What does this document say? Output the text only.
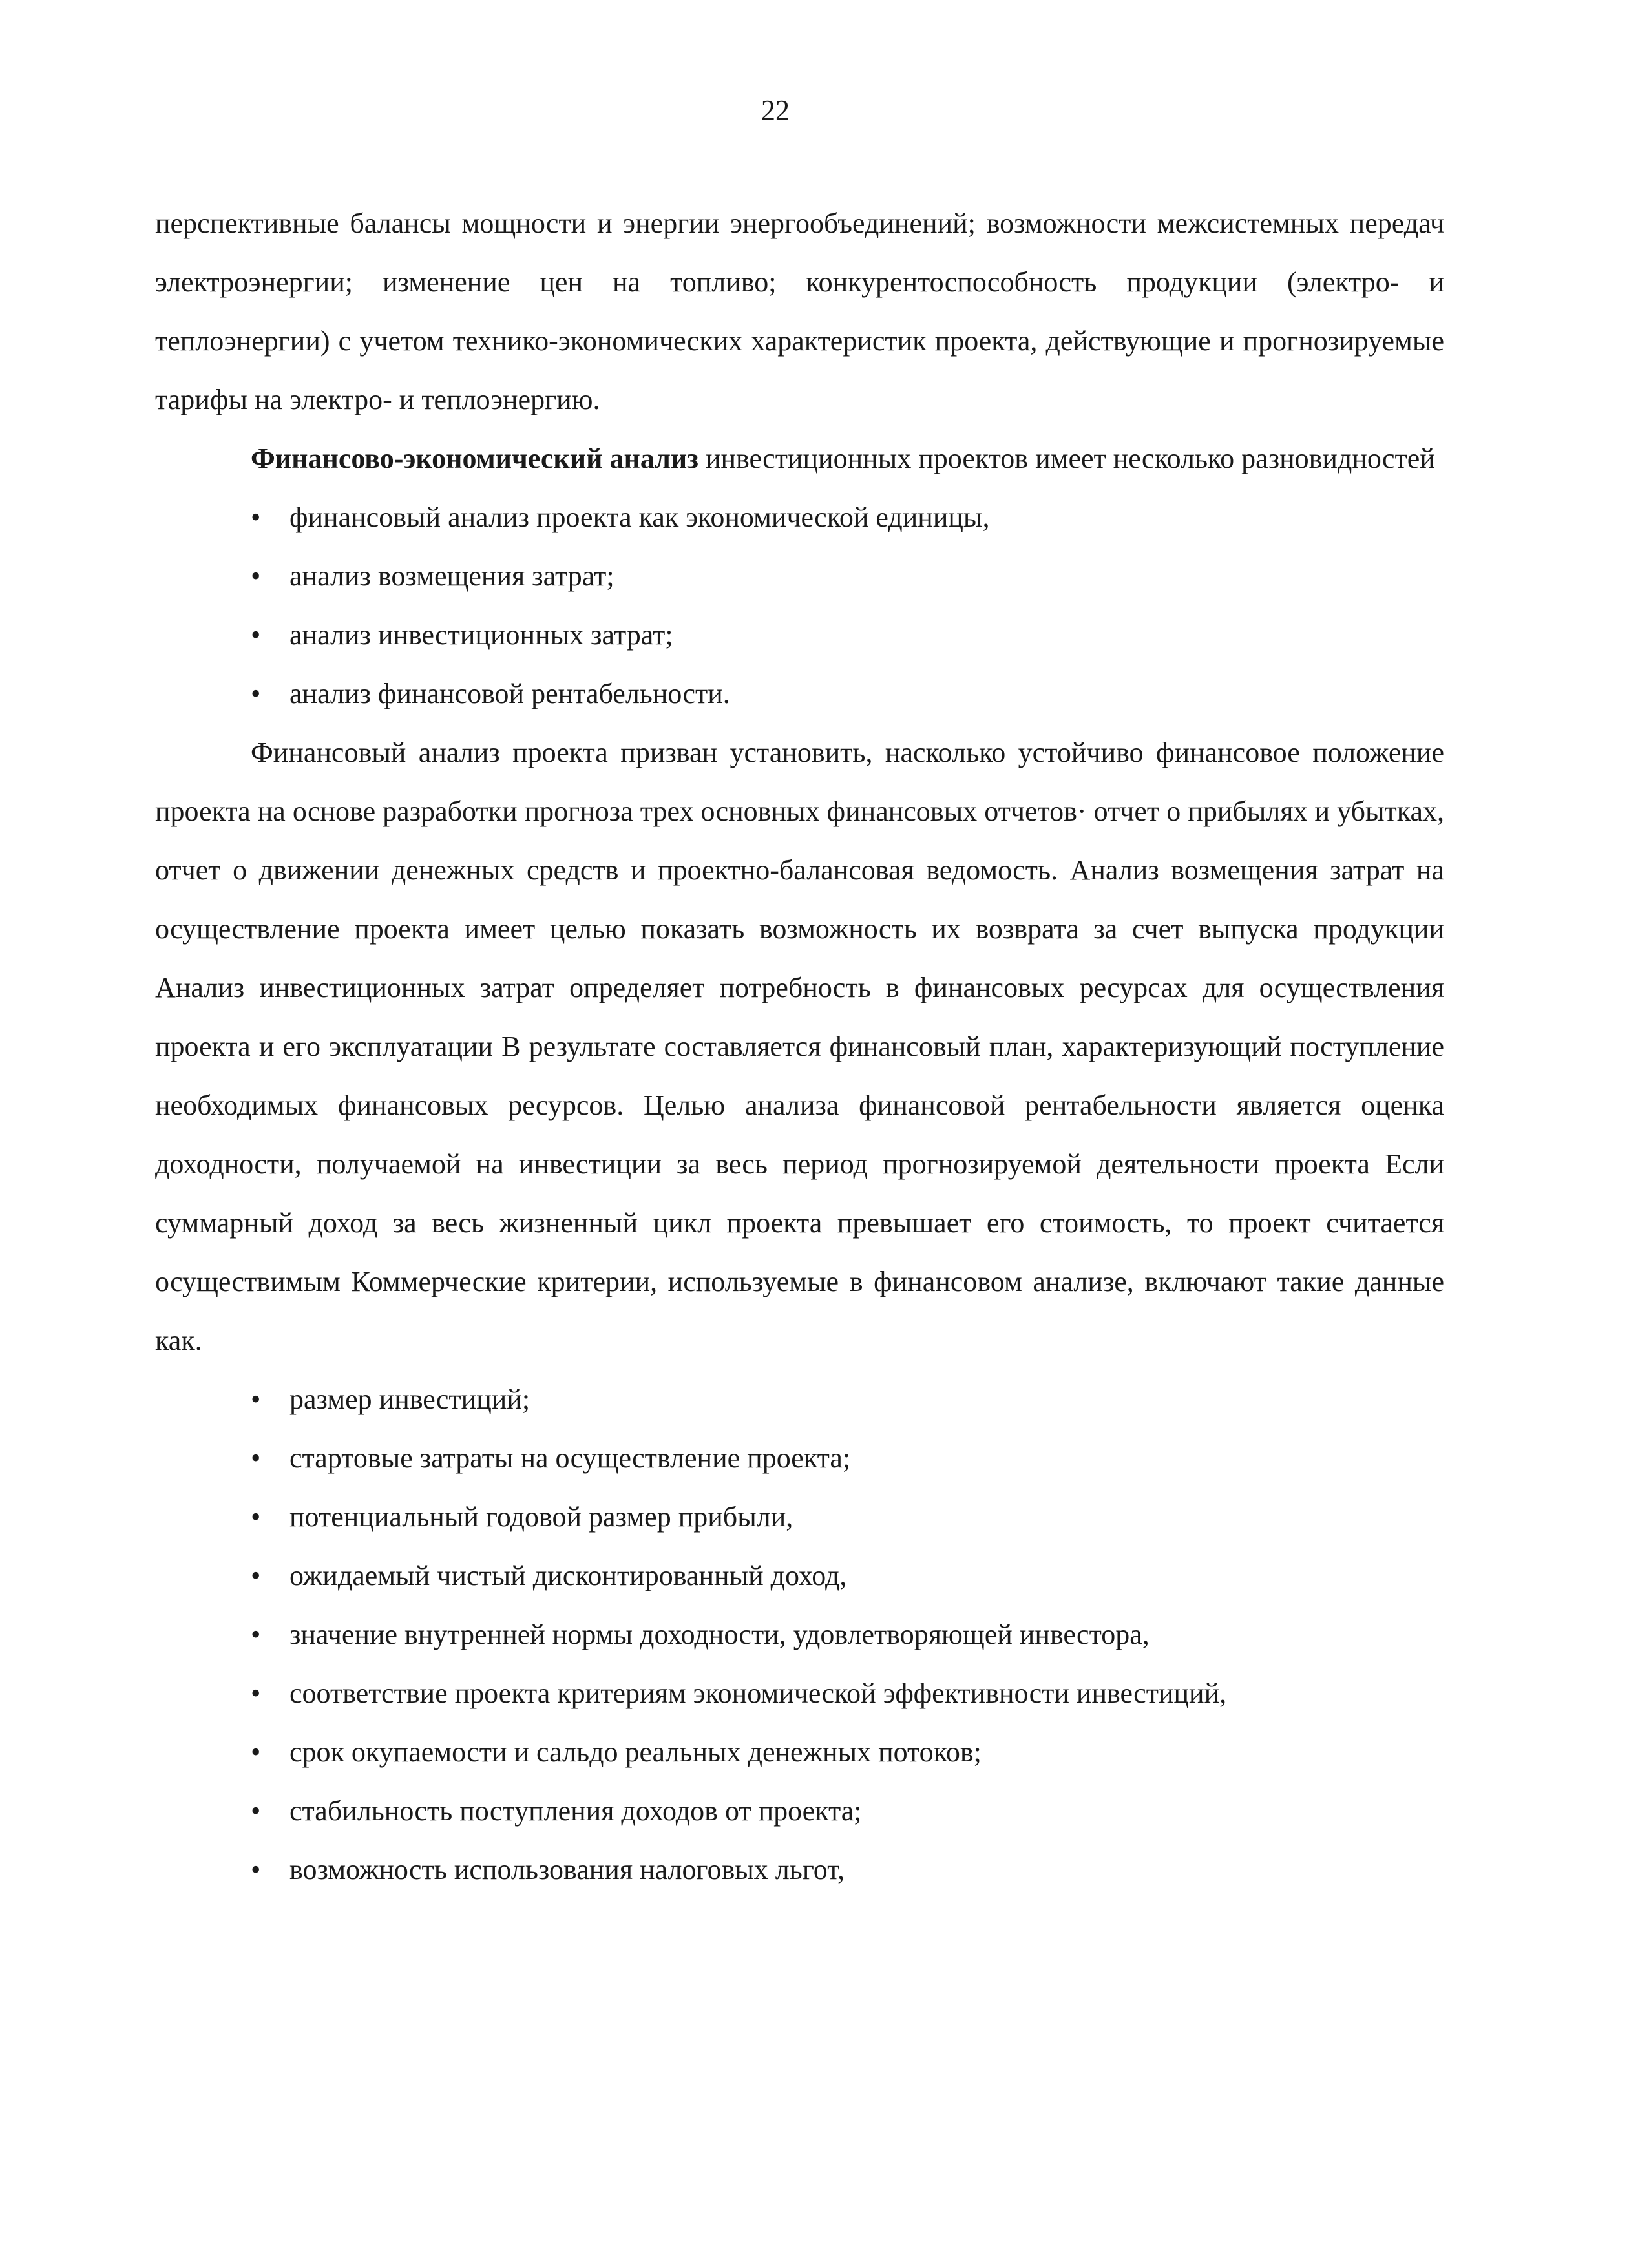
22

перспективные балансы мощности и энергии энергообъединений; возможности межсистемных передач электроэнергии; изменение цен на топливо; конкурентоспособность продукции (электро- и теплоэнергии) с учетом технико-экономических характеристик проекта, действующие и прогнозируемые тарифы на электро- и теплоэнергию.

Финансово-экономический анализ инвестиционных проектов имеет несколько разновидностей

• финансовый анализ проекта как экономической единицы,
• анализ возмещения затрат;
• анализ инвестиционных затрат;
• анализ финансовой рентабельности.

Финансовый анализ проекта призван установить, насколько устойчиво финансовое положение проекта на основе разработки прогноза трех основных финансовых отчетов· отчет о прибылях и убытках, отчет о движении денежных средств и проектно-балансовая ведомость. Анализ возмещения затрат на осуществление проекта имеет целью показать возможность их возврата за счет выпуска продукции Анализ инвестиционных затрат определяет потребность в финансовых ресурсах для осуществления проекта и его эксплуатации В результате составляется финансовый план, характеризующий поступление необходимых финансовых ресурсов. Целью анализа финансовой рентабельности является оценка доходности, получаемой на инвестиции за весь период прогнозируемой деятельности проекта Если суммарный доход за весь жизненный цикл проекта превышает его стоимость, то проект считается осуществимым Коммерческие критерии, используемые в финансовом анализе, включают такие данные как.

• размер инвестиций;
• стартовые затраты на осуществление проекта;
• потенциальный годовой размер прибыли,
• ожидаемый чистый дисконтированный доход,
• значение внутренней нормы доходности, удовлетворяющей инвестора,
• соответствие проекта критериям экономической эффективности инвестиций,
• срок окупаемости и сальдо реальных денежных потоков;
• стабильность поступления доходов от проекта;
• возможность использования налоговых льгот,
